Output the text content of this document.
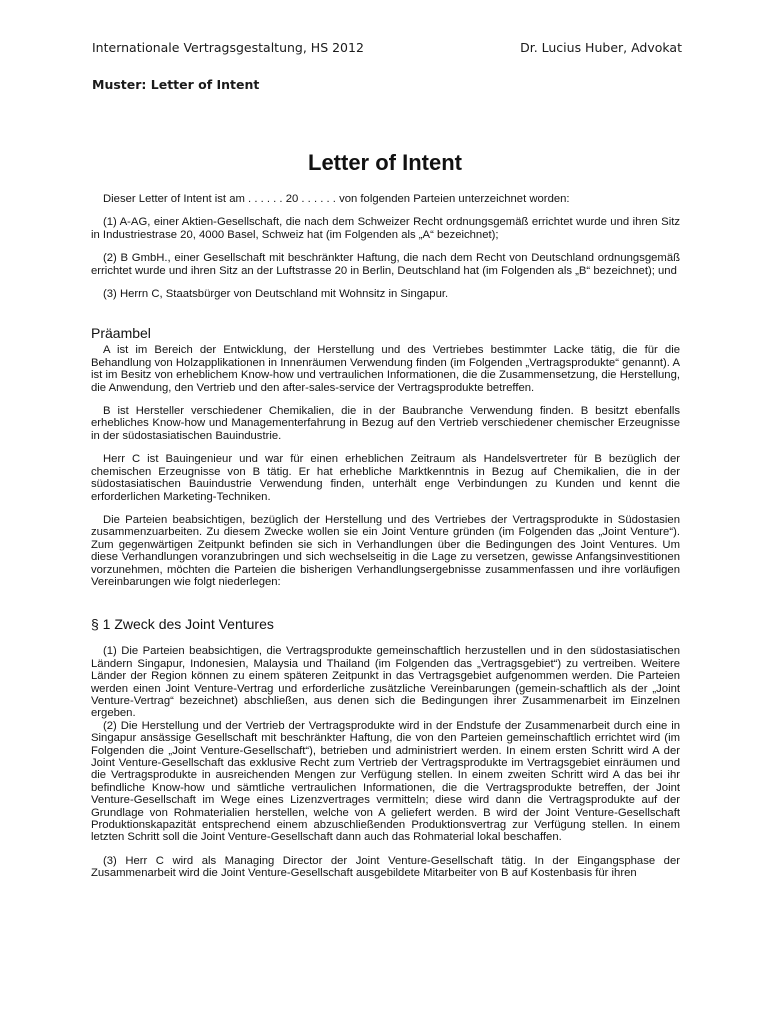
Internationale Vertragsgestaltung, HS 2012	Dr. Lucius Huber, Advokat
Muster: Letter of Intent
Letter of Intent

Dieser Letter of Intent ist am . . . . . . 20 . . . . . . von folgenden Parteien unterzeichnet worden:

(1) A-AG, einer Aktien-Gesellschaft, die nach dem Schweizer Recht ordnungsgemäß errichtet wurde und ihren Sitz in Industriestrase 20, 4000 Basel, Schweiz hat (im Folgenden als „A“ bezeichnet);

(2) B GmbH., einer Gesellschaft mit beschränkter Haftung, die nach dem Recht von Deutschland ordnungsgemäß errichtet wurde und ihren Sitz an der Luftstrasse 20 in Berlin, Deutschland hat (im Folgenden als „B“ bezeichnet); und

(3) Herrn C, Staatsbürger von Deutschland mit Wohnsitz in Singapur.

Präambel

A ist im Bereich der Entwicklung, der Herstellung und des Vertriebes bestimmter Lacke tätig, die für die Behandlung von Holzapplikationen in Innenräumen Verwendung finden (im Folgenden „Vertragsprodukte“ genannt). A ist im Besitz von erheblichem Know-how und vertraulichen Informationen, die die Zusammensetzung, die Herstellung, die Anwendung, den Vertrieb und den after-sales-service der Vertragsprodukte betreffen.

B ist Hersteller verschiedener Chemikalien, die in der Baubranche Verwendung finden. B besitzt ebenfalls erhebliches Know-how und Managementerfahrung in Bezug auf den Vertrieb verschiedener chemischer Erzeugnisse in der südostasiatischen Bauindustrie.

Herr C ist Bauingenieur und war für einen erheblichen Zeitraum als Handelsvertreter für B bezüglich der chemischen Erzeugnisse von B tätig. Er hat erhebliche Marktkenntnis in Bezug auf Chemikalien, die in der südostasiatischen Bauindustrie Verwendung finden, unterhält enge Verbindungen zu Kunden und kennt die erforderlichen Marketing-Techniken.

Die Parteien beabsichtigen, bezüglich der Herstellung und des Vertriebes der Vertragsprodukte in Südostasien zusammenzuarbeiten. Zu diesem Zwecke wollen sie ein Joint Venture gründen (im Folgenden das „Joint Venture“). Zum gegenwärtigen Zeitpunkt befinden sie sich in Verhandlungen über die Bedingungen des Joint Ventures. Um diese Verhandlungen voranzubringen und sich wechselseitig in die Lage zu versetzen, gewisse Anfangsinvestitionen vorzunehmen, möchten die Parteien die bisherigen Verhandlungsergebnisse zusammenfassen und ihre vorläufigen Vereinbarungen wie folgt niederlegen:

§ 1 Zweck des Joint Ventures

(1) Die Parteien beabsichtigen, die Vertragsprodukte gemeinschaftlich herzustellen und in den südostasiatischen Ländern Singapur, Indonesien, Malaysia und Thailand (im Folgenden das „Vertragsgebiet“) zu vertreiben. Weitere Länder der Region können zu einem späteren Zeitpunkt in das Vertragsgebiet aufgenommen werden. Die Parteien werden einen Joint Venture-Vertrag und erforderliche zusätzliche Vereinbarungen (gemein-schaftlich als der „Joint Venture-Vertrag“ bezeichnet) abschließen, aus denen sich die Bedingungen ihrer Zusammenarbeit im Einzelnen ergeben.

(2) Die Herstellung und der Vertrieb der Vertragsprodukte wird in der Endstufe der Zusammenarbeit durch eine in Singapur ansässige Gesellschaft mit beschränkter Haftung, die von den Parteien gemeinschaftlich errichtet wird (im Folgenden die „Joint Venture-Gesellschaft“), betrieben und administriert werden. In einem ersten Schritt wird A der Joint Venture-Gesellschaft das exklusive Recht zum Vertrieb der Vertragsprodukte im Vertragsgebiet einräumen und die Vertragsprodukte in ausreichenden Mengen zur Verfügung stellen. In einem zweiten Schritt wird A das bei ihr befindliche Know-how und sämtliche vertraulichen Informationen, die die Vertragsprodukte betreffen, der Joint Venture-Gesellschaft im Wege eines Lizenzvertrages vermitteln; diese wird dann die Vertragsprodukte auf der Grundlage von Rohmaterialien herstellen, welche von A geliefert werden. B wird der Joint Venture-Gesellschaft Produktionskapazität entsprechend einem abzuschließenden Produktionsvertrag zur Verfügung stellen. In einem letzten Schritt soll die Joint Venture-Gesellschaft dann auch das Rohmaterial lokal beschaffen.

(3) Herr C wird als Managing Director der Joint Venture-Gesellschaft tätig. In der Eingangsphase der Zusammenarbeit wird die Joint Venture-Gesellschaft ausgebildete Mitarbeiter von B auf Kostenbasis für ihren
